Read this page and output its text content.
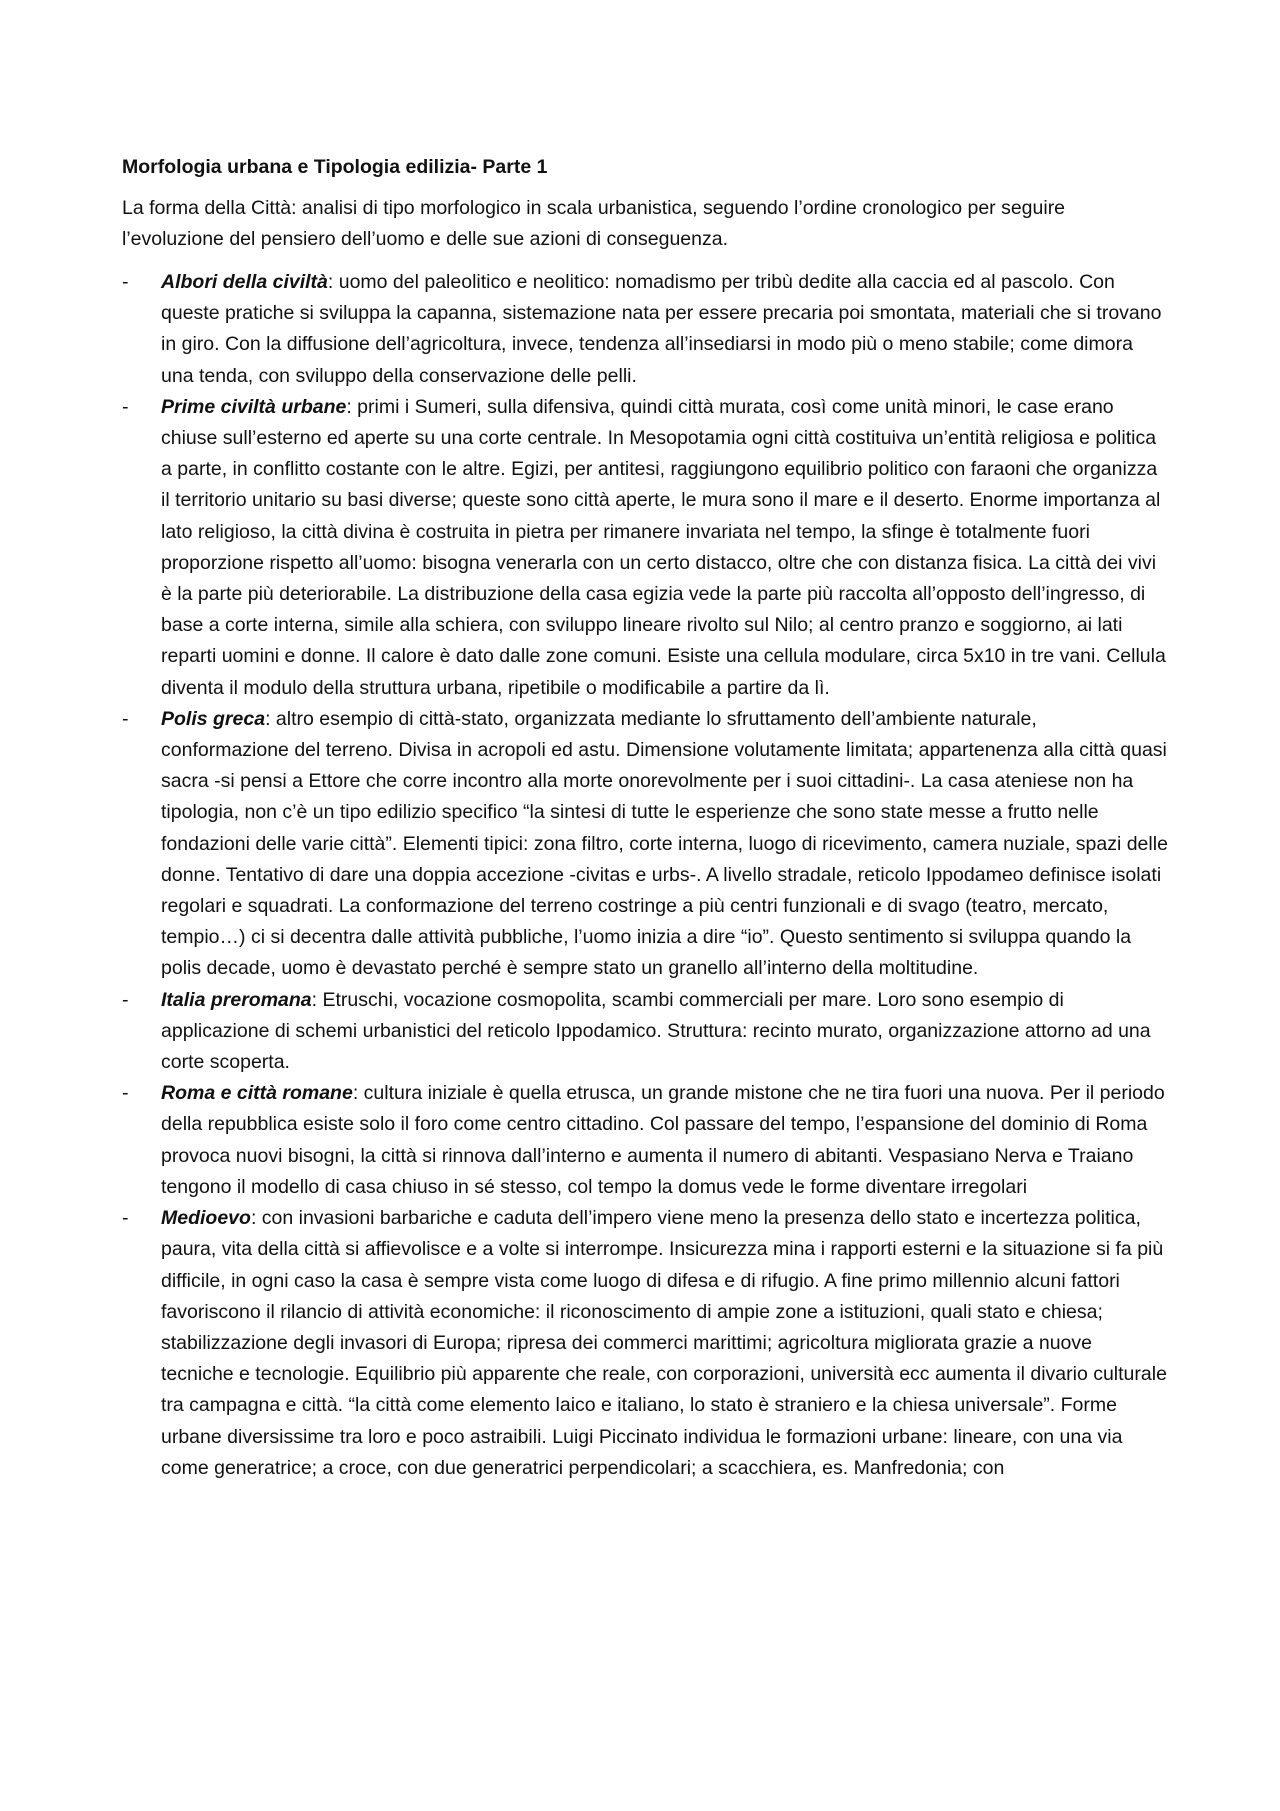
Morfologia urbana e Tipologia edilizia- Parte 1

La forma della Città: analisi di tipo morfologico in scala urbanistica, seguendo l’ordine cronologico per seguire l’evoluzione del pensiero dell’uomo e delle sue azioni di conseguenza.

- Albori della civiltà: uomo del paleolitico e neolitico: nomadismo per tribù dedite alla caccia ed al pascolo. Con queste pratiche si sviluppa la capanna, sistemazione nata per essere precaria poi smontata, materiali che si trovano in giro. Con la diffusione dell’agricoltura, invece, tendenza all’insediarsi in modo più o meno stabile; come dimora una tenda, con sviluppo della conservazione delle pelli.
- Prime civiltà urbane: primi i Sumeri, sulla difensiva, quindi città murata, così come unità minori, le case erano chiuse sull’esterno ed aperte su una corte centrale. In Mesopotamia ogni città costituiva un’entità religiosa e politica a parte, in conflitto costante con le altre. Egizi, per antitesi, raggiungono equilibrio politico con faraoni che organizza il territorio unitario su basi diverse; queste sono città aperte, le mura sono il mare e il deserto. Enorme importanza al lato religioso, la città divina è costruita in pietra per rimanere invariata nel tempo, la sfinge è totalmente fuori proporzione rispetto all’uomo: bisogna venerarla con un certo distacco, oltre che con distanza fisica. La città dei vivi è la parte più deteriorabile. La distribuzione della casa egizia vede la parte più raccolta all’opposto dell’ingresso, di base a corte interna, simile alla schiera, con sviluppo lineare rivolto sul Nilo; al centro pranzo e soggiorno, ai lati reparti uomini e donne. Il calore è dato dalle zone comuni. Esiste una cellula modulare, circa 5x10 in tre vani. Cellula diventa il modulo della struttura urbana, ripetibile o modificabile a partire da lì.
- Polis greca: altro esempio di città-stato, organizzata mediante lo sfruttamento dell’ambiente naturale, conformazione del terreno. Divisa in acropoli ed astu. Dimensione volutamente limitata; appartenenza alla città quasi sacra -si pensi a Ettore che corre incontro alla morte onorevolmente per i suoi cittadini-. La casa ateniese non ha tipologia, non c’è un tipo edilizio specifico “la sintesi di tutte le esperienze che sono state messe a frutto nelle fondazioni delle varie città”. Elementi tipici: zona filtro, corte interna, luogo di ricevimento, camera nuziale, spazi delle donne. Tentativo di dare una doppia accezione -civitas e urbs-. A livello stradale, reticolo Ippodameo definisce isolati regolari e squadrati. La conformazione del terreno costringe a più centri funzionali e di svago (teatro, mercato, tempio…) ci si decentra dalle attività pubbliche, l’uomo inizia a dire “io”. Questo sentimento si sviluppa quando la polis decade, uomo è devastato perché è sempre stato un granello all’interno della moltitudine.
- Italia preromana: Etruschi, vocazione cosmopolita, scambi commerciali per mare. Loro sono esempio di applicazione di schemi urbanistici del reticolo Ippodamico. Struttura: recinto murato, organizzazione attorno ad una corte scoperta.
- Roma e città romane: cultura iniziale è quella etrusca, un grande mistone che ne tira fuori una nuova. Per il periodo della repubblica esiste solo il foro come centro cittadino. Col passare del tempo, l’espansione del dominio di Roma provoca nuovi bisogni, la città si rinnova dall’interno e aumenta il numero di abitanti. Vespasiano Nerva e Traiano tengono il modello di casa chiuso in sé stesso, col tempo la domus vede le forme diventare irregolari
- Medioevo: con invasioni barbariche e caduta dell’impero viene meno la presenza dello stato e incertezza politica, paura, vita della città si affievolisce e a volte si interrompe. Insicurezza mina i rapporti esterni e la situazione si fa più difficile, in ogni caso la casa è sempre vista come luogo di difesa e di rifugio. A fine primo millennio alcuni fattori favoriscono il rilancio di attività economiche: il riconoscimento di ampie zone a istituzioni, quali stato e chiesa; stabilizzazione degli invasori di Europa; ripresa dei commerci marittimi; agricoltura migliorata grazie a nuove tecniche e tecnologie. Equilibrio più apparente che reale, con corporazioni, università ecc aumenta il divario culturale tra campagna e città. “la città come elemento laico e italiano, lo stato è straniero e la chiesa universale”. Forme urbane diversissime tra loro e poco astraibili. Luigi Piccinato individua le formazioni urbane: lineare, con una via come generatrice; a croce, con due generatrici perpendicolari; a scacchiera, es. Manfredonia; con
